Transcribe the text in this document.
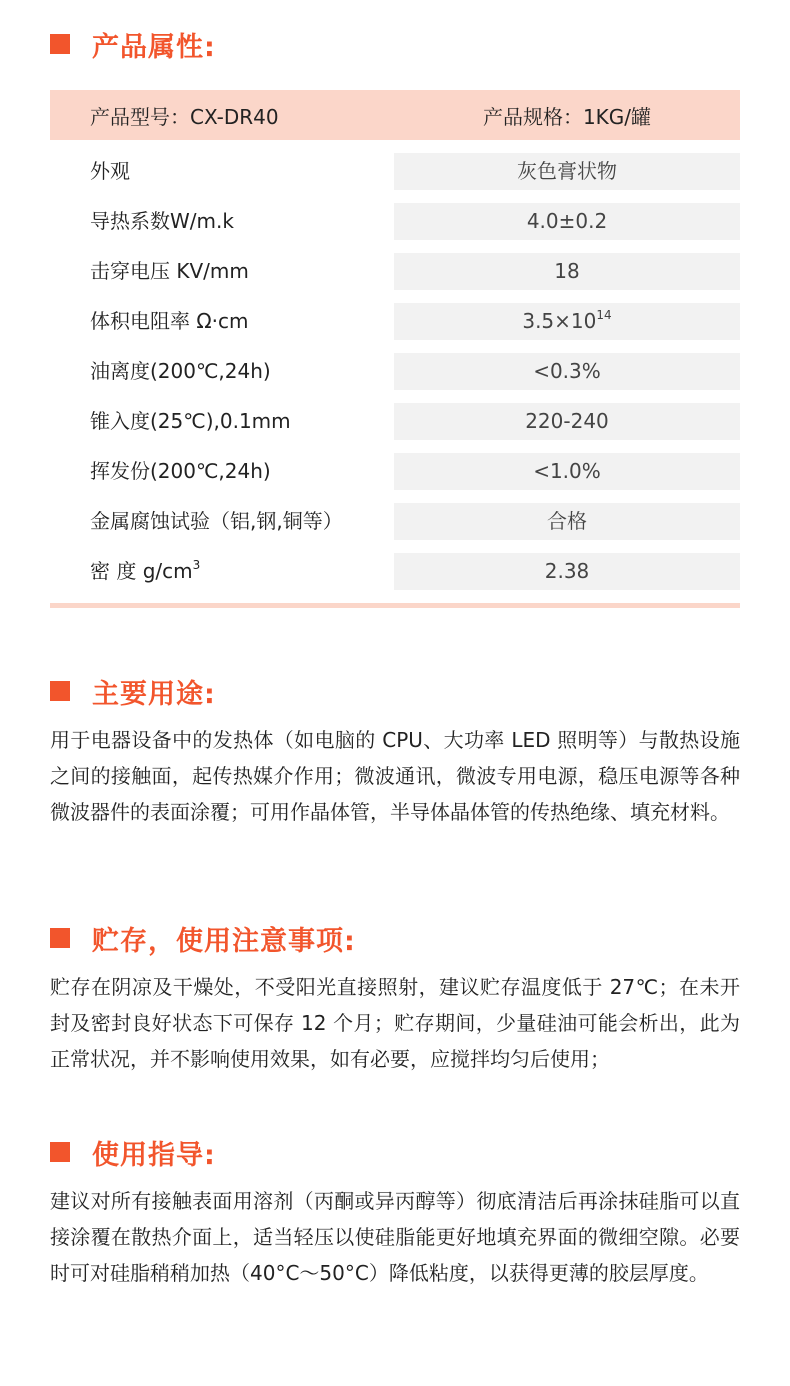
产品属性:
产品型号：CX-DR40	产品规格：1KG/罐
外观	灰色膏状物
导热系数W/m.k	4.0±0.2
击穿电压 KV/mm	18
体积电阻率 Ω·cm	$3.5\times 10^{14}$
油离度(200℃,24h)	<0.3%
锥入度(25℃),0.1mm	220-240
挥发份(200℃,24h)	<1.0%
金属腐蚀试验（铝,钢,铜等）	合格
密 度 $g/cm^3$	2.38
主要用途:
用于电器设备中的发热体（如电脑的 CPU、大功率 LED 照明等）与散热设施之间的接触面，起传热媒介作用；微波通讯，微波专用电源，稳压电源等各种微波器件的表面涂覆；可用作晶体管，半导体晶体管的传热绝缘、填充材料。
贮存，使用注意事项:
贮存在阴凉及干燥处，不受阳光直接照射，建议贮存温度低于 27℃；在未开封及密封良好状态下可保存 12 个月；贮存期间，少量硅油可能会析出，此为正常状况，并不影响使用效果，如有必要，应搅拌均匀后使用；
使用指导:
建议对所有接触表面用溶剂（丙酮或异丙醇等）彻底清洁后再涂抹硅脂可以直接涂覆在散热介面上，适当轻压以使硅脂能更好地填充界面的微细空隙。必要时可对硅脂稍稍加热（40°C～50°C）降低粘度，以获得更薄的胶层厚度。
